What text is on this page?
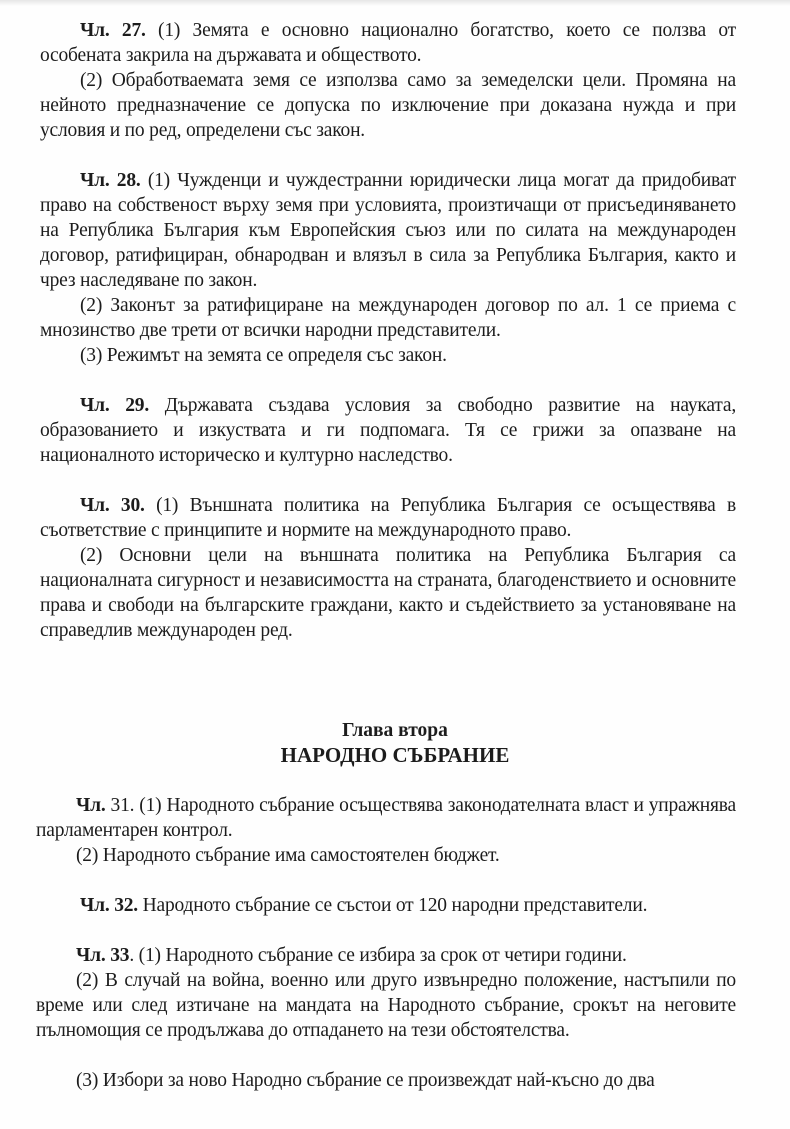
Чл. 27. (1) Земята е основно национално богатство, което се ползва от особената закрила на държавата и обществото.

(2) Обработваемата земя се използва само за земеделски цели. Промяна на нейното предназначение се допуска по изключение при доказана нужда и при условия и по ред, определени със закон.

Чл. 28. (1) Чужденци и чуждестранни юридически лица могат да придобиват право на собственост върху земя при условията, произтичащи от присъединяването на Република България към Европейския съюз или по силата на международен договор, ратифициран, обнародван и влязъл в сила за Република България, както и чрез наследяване по закон.

(2) Законът за ратифициране на международен договор по ал. 1 се приема с мнозинство две трети от всички народни представители.

(3) Режимът на земята се определя със закон.

Чл. 29. Държавата създава условия за свободно развитие на науката, образованието и изкуствата и ги подпомага. Тя се грижи за опазване на националното историческо и културно наследство.

Чл. 30. (1) Външната политика на Република България се осъществява в съответствие с принципите и нормите на международното право.

(2) Основни цели на външната политика на Република България са националната сигурност и независимостта на страната, благоденствието и основните права и свободи на българските граждани, както и съдействието за установяване на справедлив международен ред.

Глава втора
НАРОДНО СЪБРАНИЕ

Чл. 31. (1) Народното събрание осъществява законодателната власт и упражнява парламентарен контрол.

(2) Народното събрание има самостоятелен бюджет.

Чл. 32. Народното събрание се състои от 120 народни представители.

Чл. 33. (1) Народното събрание се избира за срок от четири години.

(2) В случай на война, военно или друго извънредно положение, настъпили по време или след изтичане на мандата на Народното събрание, срокът на неговите пълномощия се продължава до отпадането на тези обстоятелства.

(3) Избори за ново Народно събрание се произвеждат най-късно до два
